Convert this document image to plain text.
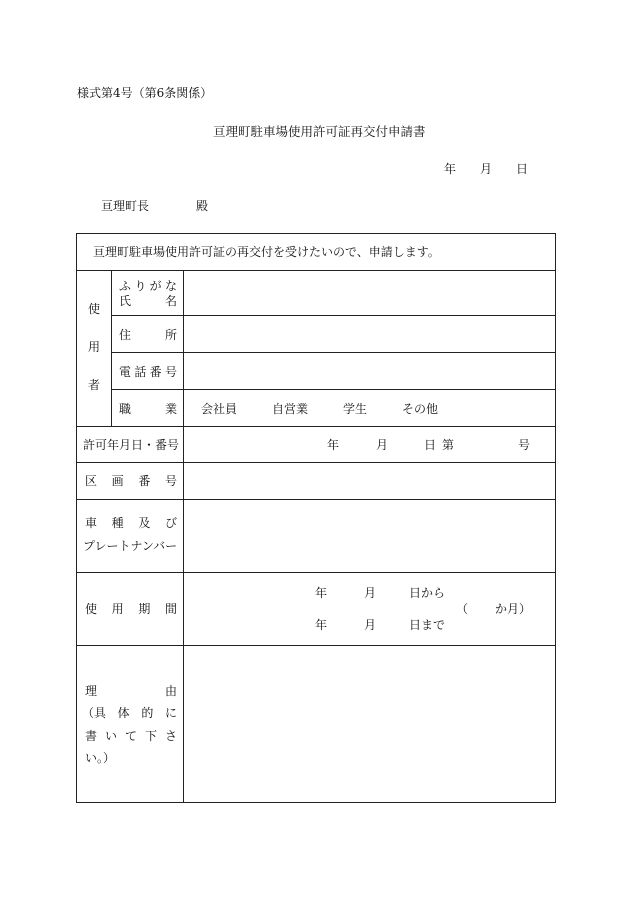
様式第4号（第6条関係）
亘理町駐車場使用許可証再交付申請書
年 月 日
亘理町長	殿
亘理町駐車場使用許可証の再交付を受けたいので、申請します。
使
用
者
ふ り が な
氏	名
住	所
電 話 番 号
職	業 会社員	自営業	学生	その他
許可年月日・番号	年	月	日 第	号
区 画 番 号
車 種 及 び
プレートナンバー
使 用 期 間
年	月	日から
（ か月）
年	月	日まで
理	由
（具 体 的 に
書 い て 下 さ
い。）
